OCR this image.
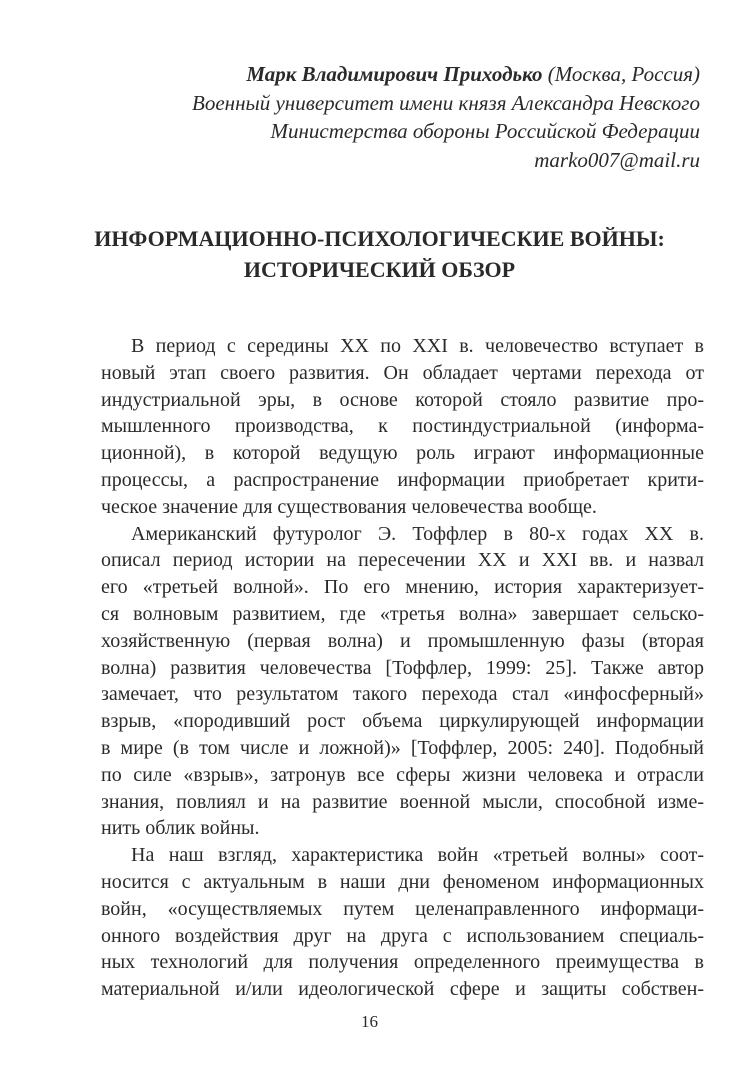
Марк Владимирович Приходько (Москва, Россия)
Военный университет имени князя Александра Невского
Министерства обороны Российской Федерации
marko007@mail.ru
ИНФОРМАЦИОННО-ПСИХОЛОГИЧЕСКИЕ ВОЙНЫ:
ИСТОРИЧЕСКИЙ ОБЗОР
В период с середины XX по XXI в. человечество вступает в
новый этап своего развития. Он обладает чертами перехода от
индустриальной эры, в основе которой стояло развитие про-
мышленного производства, к постиндустриальной (информа-
ционной), в которой ведущую роль играют информационные
процессы, а распространение информации приобретает крити-
ческое значение для существования человечества вообще.
Американский футуролог Э. Тоффлер в 80-х годах XX в.
описал период истории на пересечении XX и XXI вв. и назвал
его «третьей волной». По его мнению, история характеризует-
ся волновым развитием, где «третья волна» завершает сельско-
хозяйственную (первая волна) и промышленную фазы (вторая
волна) развития человечества [Тоффлер, 1999: 25]. Также автор
замечает, что результатом такого перехода стал «инфосферный»
взрыв, «породивший рост объема циркулирующей информации
в мире (в том числе и ложной)» [Тоффлер, 2005: 240]. Подобный
по силе «взрыв», затронув все сферы жизни человека и отрасли
знания, повлиял и на развитие военной мысли, способной изме-
нить облик войны.
На наш взгляд, характеристика войн «третьей волны» соот-
носится с актуальным в наши дни феноменом информационных
войн, «осуществляемых путем целенаправленного информаци-
онного воздействия друг на друга с использованием специаль-
ных технологий для получения определенного преимущества в
материальной и/или идеологической сфере и защиты собствен-
16
